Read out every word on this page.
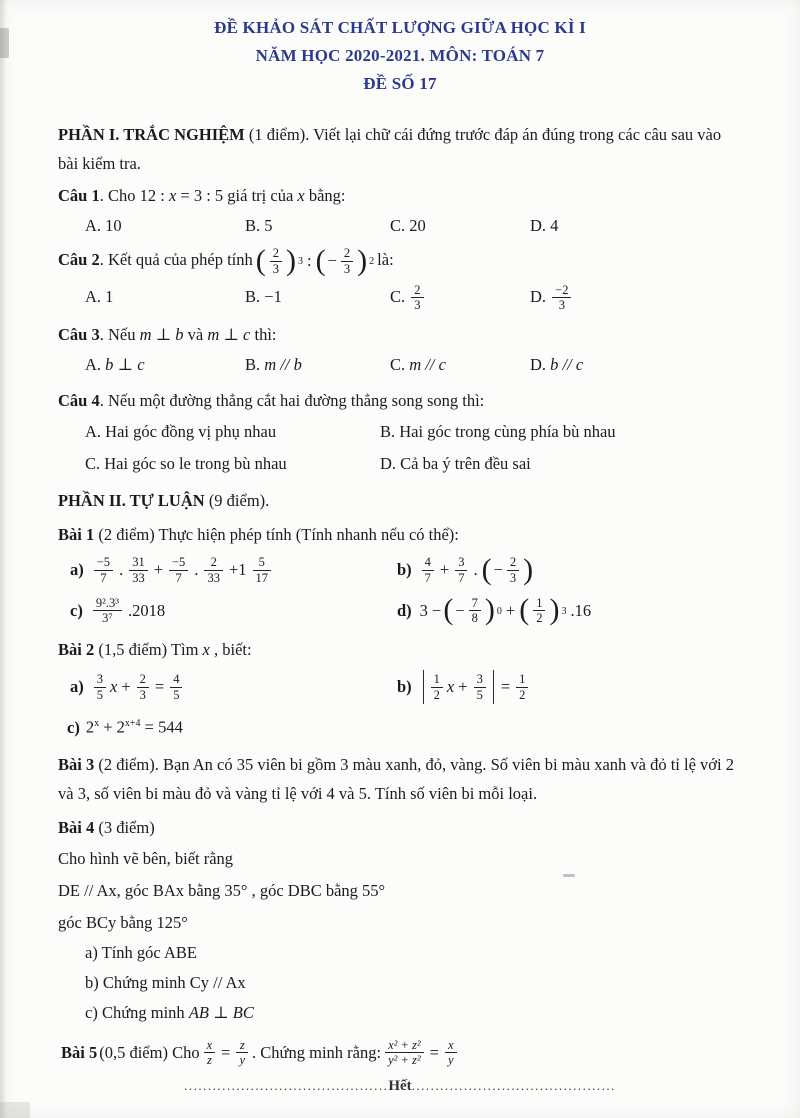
ĐỀ KHẢO SÁT CHẤT LƯỢNG GIỮA HỌC KÌ I
NĂM HỌC 2020-2021. MÔN: TOÁN 7
ĐỀ SỐ 17

PHẦN I. TRẮC NGHIỆM (1 điểm). Viết lại chữ cái đứng trước đáp án đúng trong các câu sau vào bài kiểm tra.

Câu 1. Cho 12 : x = 3 : 5 giá trị của x bằng:
A. 10	B. 5	C. 20	D. 4
Câu 2. Kết quả của phép tính ( $\frac{2}{3}$ ) 3 : ( − $\frac{2}{3}$ ) 2 là:
A. 1	B. −1	C. $\frac{2}{3}$	D. $\frac{-2}{3}$
Câu 3. Nếu m ⊥ b và m ⊥ c thì:
A. b ⊥ c	B. m // b	C. m // c	D. b // c
Câu 4. Nếu một đường thẳng cắt hai đường thẳng song song thì:
A. Hai góc đồng vị phụ nhau	B. Hai góc trong cùng phía bù nhau
C. Hai góc so le trong bù nhau	D. Cả ba ý trên đều sai
PHẦN II. TỰ LUẬN (9 điểm).
Bài 1 (2 điểm) Thực hiện phép tính (Tính nhanh nếu có thể):
$a) \frac{-5}{7}$ . $\frac{31}{33} + \frac{-5}{7}$ . $\frac{2}{33} +1 \frac{5}{17}$	$b) \frac{4}{7} + \frac{3}{7}$ . ( − $\frac{2}{3}$ )
$c) \frac{\text{9².3³}}{\text{3⁷}} .2018$	d) 3 − ( − $\frac{7}{8}$ ) 0 + ( $\frac{1}{2}$ ) 3 .16
Bài 2 (1,5 điểm) Tìm x , biết:
$a) \frac{3}{5}$ $x + \frac{2}{3} = \frac{4}{5}$	$b) \frac{1}{2}$ $x + \frac{3}{5} = \frac{1}{2}$
c) $2^x + 2^{x+4} = 544$
Bài 3 (2 điểm). Bạn An có 35 viên bi gồm 3 màu xanh, đỏ, vàng. Số viên bi màu xanh và đỏ tỉ lệ với 2 và 3, số viên bi màu đỏ và vàng tỉ lệ với 4 và 5. Tính số viên bi mỗi loại.
Bài 4 (3 điểm)
Cho hình vẽ bên, biết rằng
DE // Ax, góc BAx bằng 35° , góc DBC bằng 55°
góc BCy bằng 125°
a) Tính góc ABE
b) Chứng minh Cy // Ax
c) Chứng minh AB ⊥ BC
Bài 5 (0,5 điểm) Cho $\frac{x}{z} = \frac{z}{y}$ . Chứng minh rằng: $\frac{\text{x² + z²}}{\text{y² + z²}} = \frac{x}{y}$
...........................................Hết...........................................
